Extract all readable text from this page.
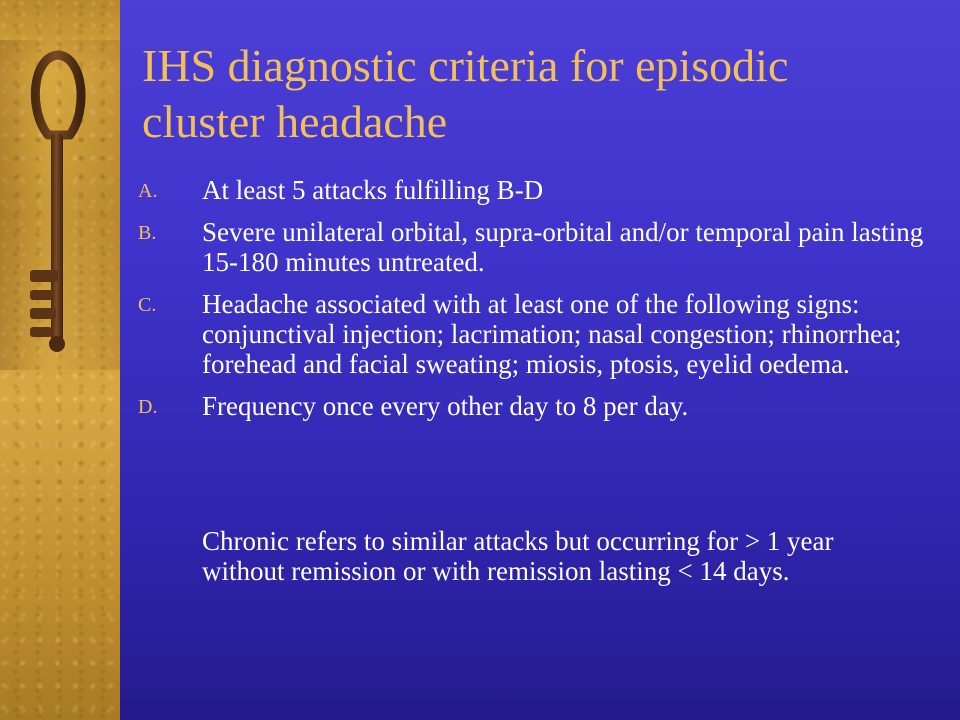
IHS diagnostic criteria for episodic cluster headache
A. At least 5 attacks fulfilling B-D
B. Severe unilateral orbital, supra-orbital and/or temporal pain lasting 15-180 minutes untreated.
C. Headache associated with at least one of the following signs: conjunctival injection; lacrimation; nasal congestion; rhinorrhea; forehead and facial sweating; miosis, ptosis, eyelid oedema.
D. Frequency once every other day to 8 per day.

Chronic refers to similar attacks but occurring for > 1 year without remission or with remission lasting < 14 days.
